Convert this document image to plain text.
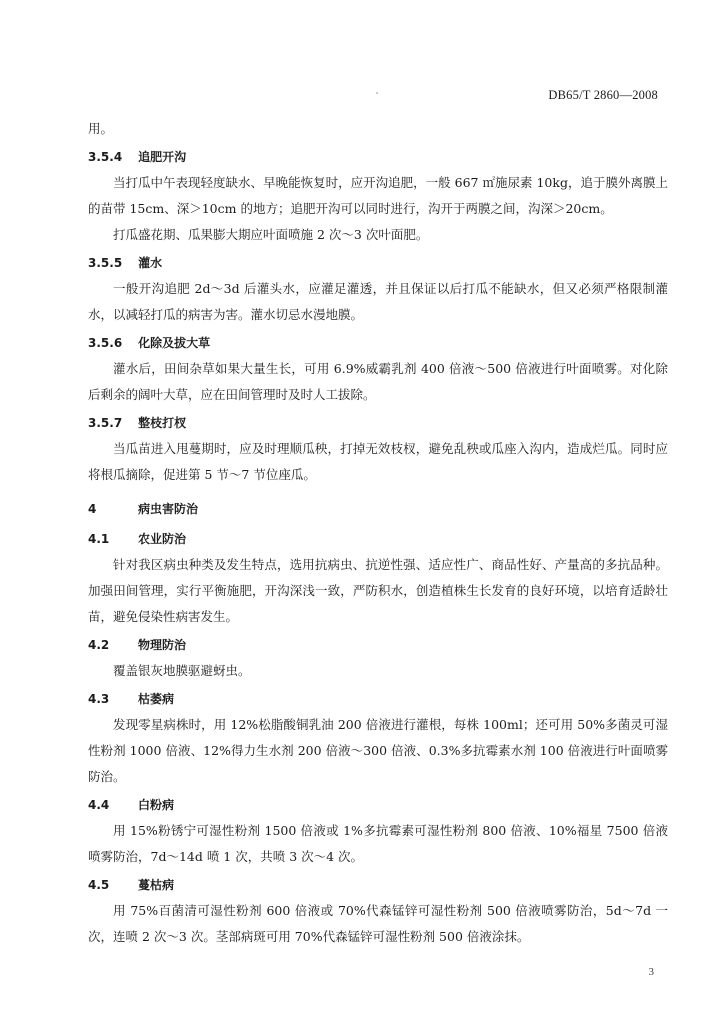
DB65/T 2860—2008

用。

3.5.4 追肥开沟

当打瓜中午表现轻度缺水、早晚能恢复时，应开沟追肥，一般 667 ㎡施尿素 10kg，追于膜外离膜上的苗带 15cm、深＞10cm 的地方；追肥开沟可以同时进行，沟开于两膜之间，沟深＞20cm。

打瓜盛花期、瓜果膨大期应叶面喷施 2 次～3 次叶面肥。

3.5.5 灌水

一般开沟追肥 2d～3d 后灌头水，应灌足灌透，并且保证以后打瓜不能缺水，但又必须严格限制灌水，以减轻打瓜的病害为害。灌水切忌水漫地膜。

3.5.6 化除及拔大草

灌水后，田间杂草如果大量生长，可用 6.9%威霸乳剂 400 倍液～500 倍液进行叶面喷雾。对化除后剩余的阔叶大草，应在田间管理时及时人工拔除。

3.5.7 整枝打杈

当瓜苗进入甩蔓期时，应及时理顺瓜秧，打掉无效枝杈，避免乱秧或瓜座入沟内，造成烂瓜。同时应将根瓜摘除，促进第 5 节～7 节位座瓜。

4	病虫害防治
4.1	农业防治

针对我区病虫种类及发生特点，选用抗病虫、抗逆性强、适应性广、商品性好、产量高的多抗品种。加强田间管理，实行平衡施肥，开沟深浅一致，严防积水，创造植株生长发育的良好环境，以培育适龄壮苗，避免侵染性病害发生。

4.2	物理防治

覆盖银灰地膜驱避蚜虫。

4.3	枯萎病

发现零星病株时，用 12%松脂酸铜乳油 200 倍液进行灌根，每株 100ml；还可用 50%多菌灵可湿性粉剂 1000 倍液、12%得力生水剂 200 倍液～300 倍液、0.3%多抗霉素水剂 100 倍液进行叶面喷雾防治。

4.4	白粉病

用 15%粉锈宁可湿性粉剂 1500 倍液或 1%多抗霉素可湿性粉剂 800 倍液、10%福星 7500 倍液喷雾防治，7d～14d 喷 1 次，共喷 3 次～4 次。

4.5	蔓枯病

用 75%百菌清可湿性粉剂 600 倍液或 70%代森锰锌可湿性粉剂 500 倍液喷雾防治，5d～7d 一次，连喷 2 次～3 次。茎部病斑可用 70%代森锰锌可湿性粉剂 500 倍液涂抹。

3
